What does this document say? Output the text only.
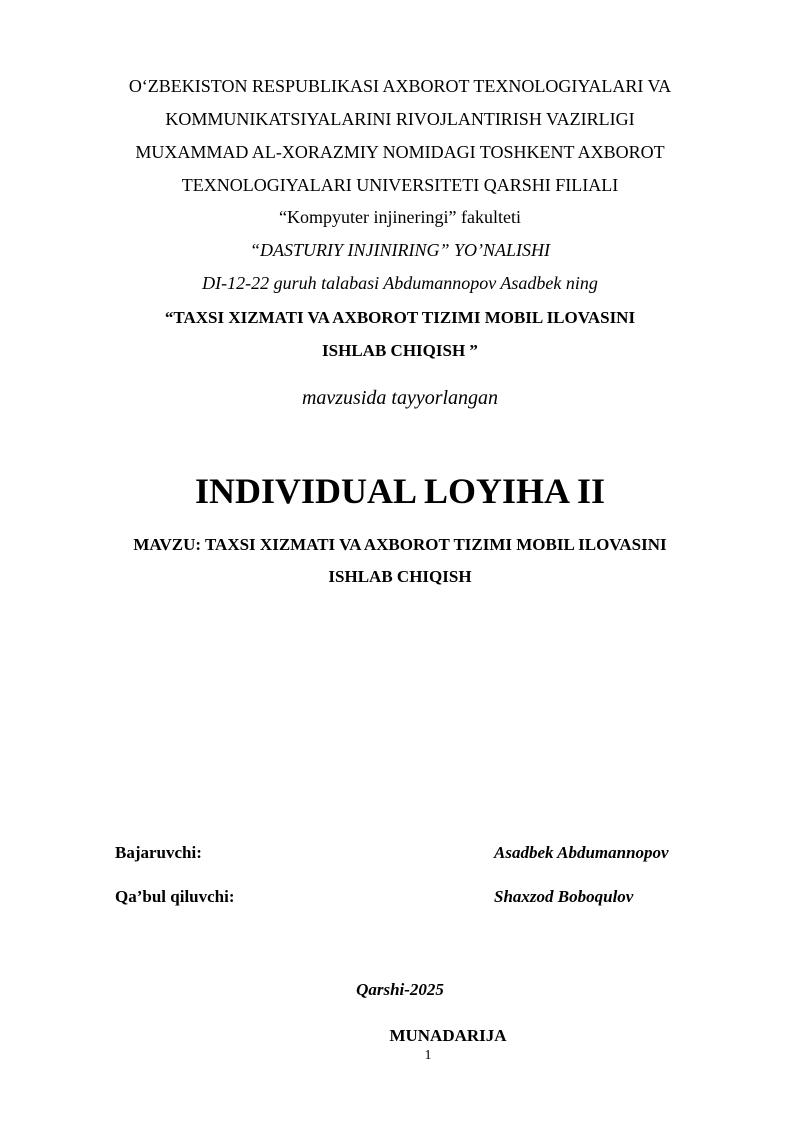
O‘ZBEKISTON RESPUBLIKASI AXBOROT TEXNOLOGIYALARI VA
KOMMUNIKATSIYALARINI RIVOJLANTIRISH VAZIRLIGI
MUXAMMAD AL-XORAZMIY NOMIDAGI TOSHKENT AXBOROT
TEXNOLOGIYALARI UNIVERSITETI QARSHI FILIALI
“Kompyuter injineringi” fakulteti
“DASTURIY INJINIRING” YO’NALISHI
DI-12-22 guruh talabasi Abdumannopov Asadbek ning
“TAXSI XIZMATI VA AXBOROT TIZIMI MOBIL ILOVASINI
ISHLAB CHIQISH ”
mavzusida tayyorlangan
INDIVIDUAL LOYIHA II
MAVZU: TAXSI XIZMATI VA AXBOROT TIZIMI MOBIL ILOVASINI
ISHLAB CHIQISH
Bajaruvchi:	Asadbek Abdumannopov
Qa’bul qiluvchi:	Shaxzod Boboqulov
Qarshi-2025
MUNADARIJA
1
